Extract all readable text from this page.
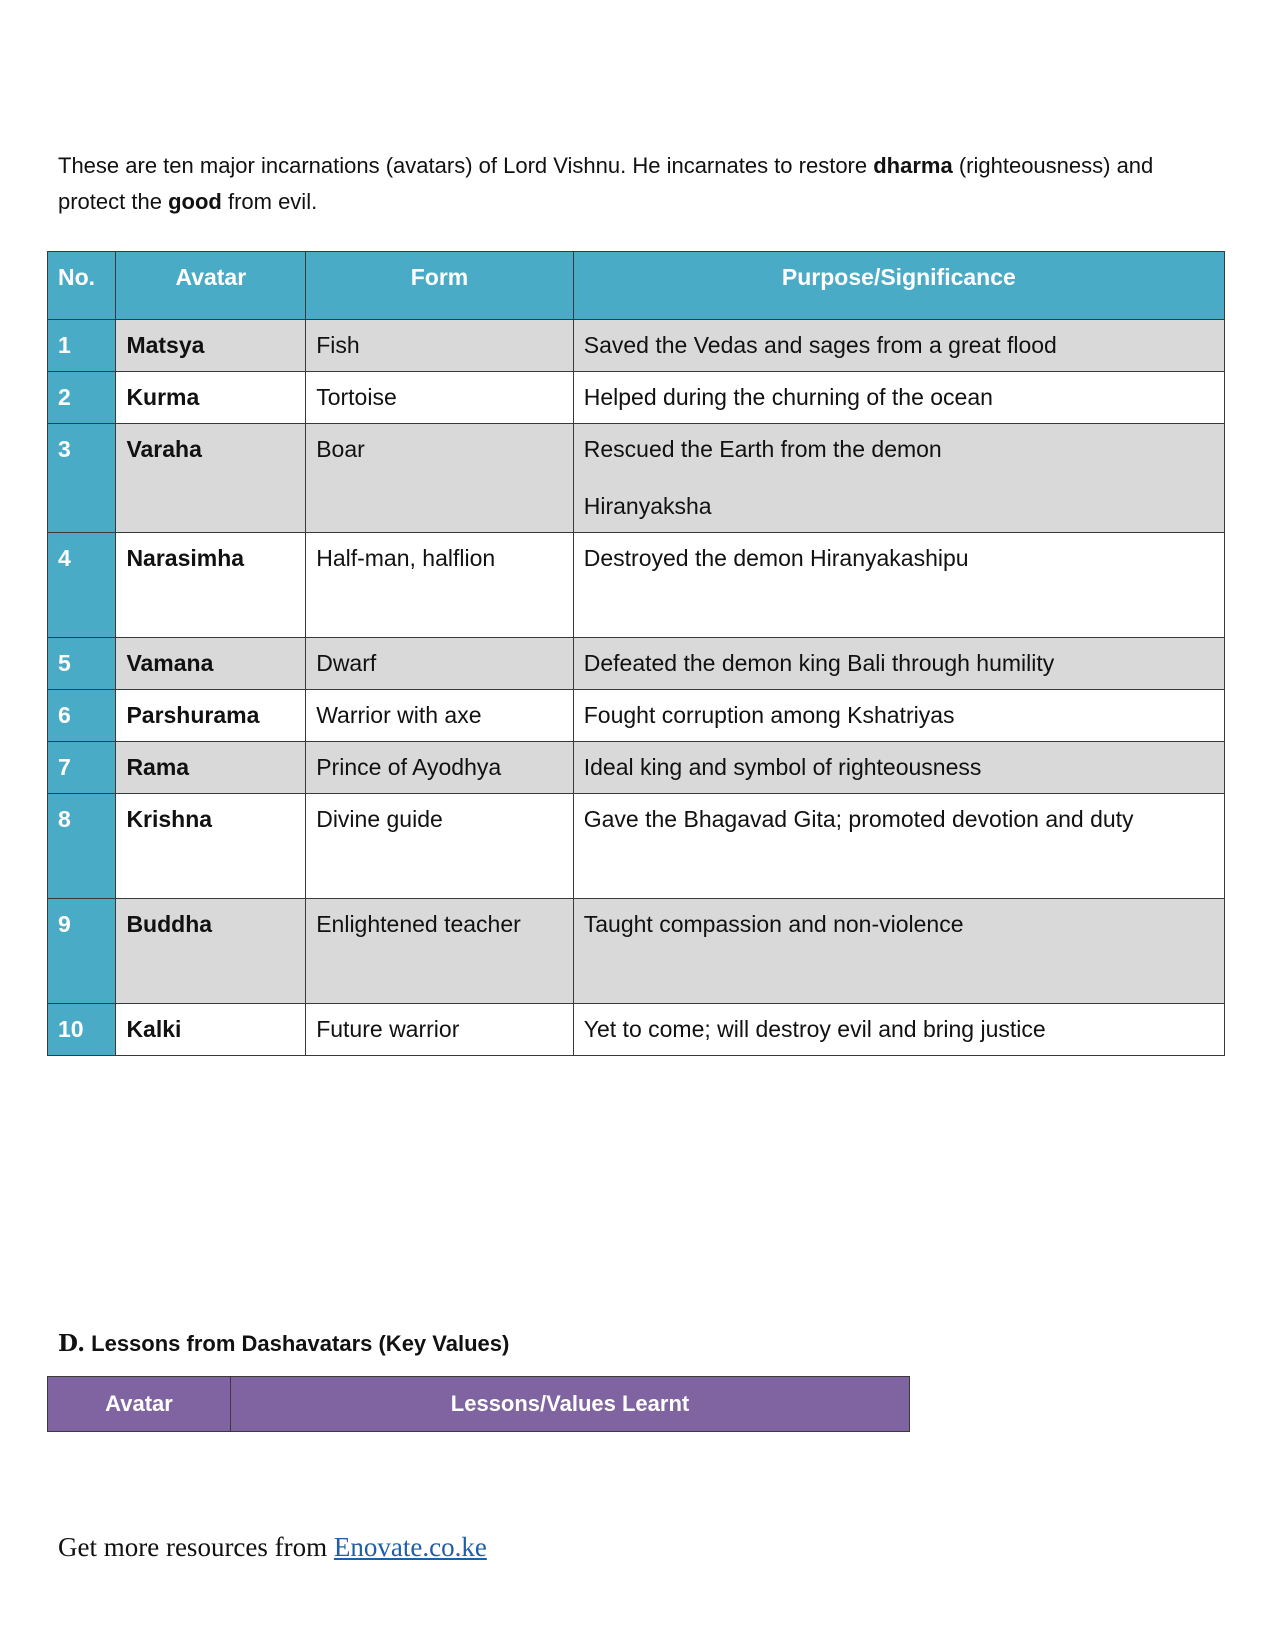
These are ten major incarnations (avatars) of Lord Vishnu. He incarnates to restore dharma (righteousness) and protect the good from evil.
No.	Avatar	Form	Purpose/Significance
1	Matsya	Fish	Saved the Vedas and sages from a great flood
2	Kurma	Tortoise	Helped during the churning of the ocean
3	Varaha	Boar	Rescued the Earth from the demon
Hiranyaksha

4	Narasimha	Half-man, halflion	Destroyed the demon Hiranyakashipu
5	Vamana	Dwarf	Defeated the demon king Bali through humility
6	Parshurama	Warrior with axe	Fought corruption among Kshatriyas
7	Rama	Prince of Ayodhya	Ideal king and symbol of righteousness
8	Krishna	Divine guide	Gave the Bhagavad Gita; promoted devotion and duty
9	Buddha	Enlightened teacher	Taught compassion and non-violence
10	Kalki	Future warrior	Yet to come; will destroy evil and bring justice
D. Lessons from Dashavatars (Key Values)
Avatar	Lessons/Values Learnt
Get more resources from Enovate.co.ke
